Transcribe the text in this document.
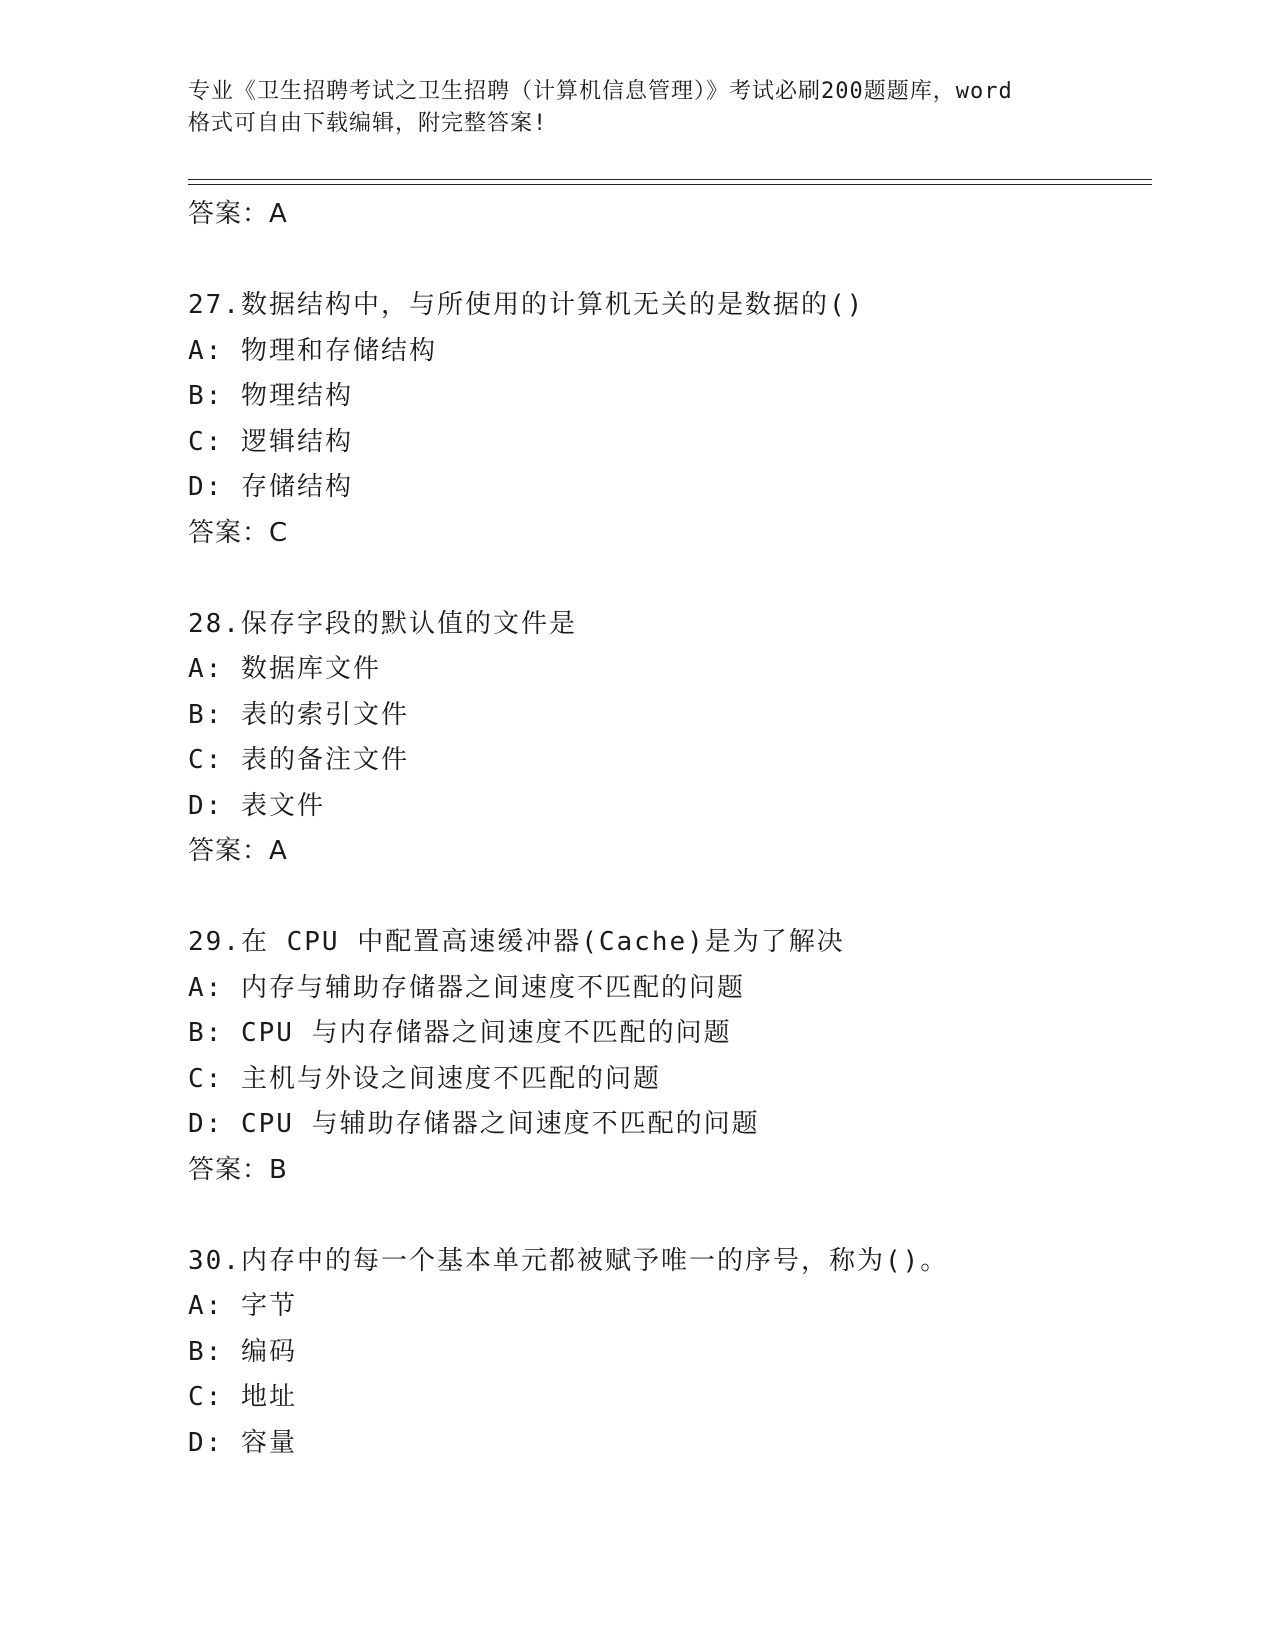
专业《卫生招聘考试之卫生招聘（计算机信息管理）》考试必刷200题题库，word
格式可自由下载编辑，附完整答案!
答案：A
27.数据结构中，与所使用的计算机无关的是数据的()
A: 物理和存储结构
B: 物理结构
C: 逻辑结构
D: 存储结构
答案：C
28.保存字段的默认值的文件是
A: 数据库文件
B: 表的索引文件
C: 表的备注文件
D: 表文件
答案：A
29.在 CPU 中配置高速缓冲器(Cache)是为了解决
A: 内存与辅助存储器之间速度不匹配的问题
B: CPU 与内存储器之间速度不匹配的问题
C: 主机与外设之间速度不匹配的问题
D: CPU 与辅助存储器之间速度不匹配的问题
答案：B
30.内存中的每一个基本单元都被赋予唯一的序号，称为()。
A: 字节
B: 编码
C: 地址
D: 容量
